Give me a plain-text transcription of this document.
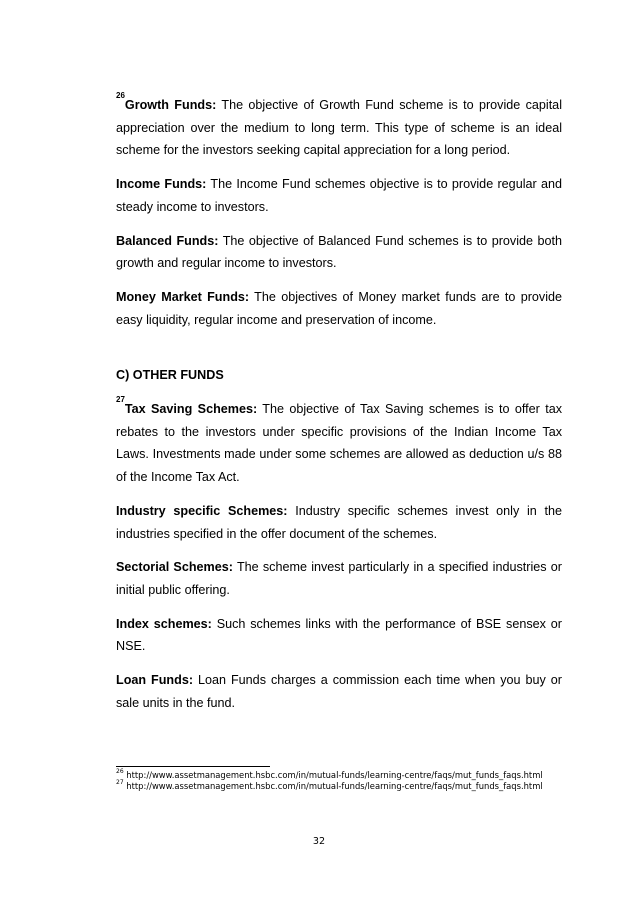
$^{26}$Growth Funds: The objective of Growth Fund scheme is to provide capital appreciation over the medium to long term. This type of scheme is an ideal scheme for the investors seeking capital appreciation for a long period.

Income Funds: The Income Fund schemes objective is to provide regular and steady income to investors.

Balanced Funds: The objective of Balanced Fund schemes is to provide both growth and regular income to investors.

Money Market Funds: The objectives of Money market funds are to provide easy liquidity, regular income and preservation of income.

C) OTHER FUNDS

$^{27}$Tax Saving Schemes: The objective of Tax Saving schemes is to offer tax rebates to the investors under specific provisions of the Indian Income Tax Laws. Investments made under some schemes are allowed as deduction u/s 88 of the Income Tax Act.

Industry specific Schemes: Industry specific schemes invest only in the industries specified in the offer document of the schemes.

Sectorial Schemes: The scheme invest particularly in a specified industries or initial public offering.

Index schemes: Such schemes links with the performance of BSE sensex or NSE.

Loan Funds: Loan Funds charges a commission each time when you buy or sale units in the fund.

$^{26}$ http://www.assetmanagement.hsbc.com/in/mutual-funds/learning-centre/faqs/mut_funds_faqs.html

$^{27}$ http://www.assetmanagement.hsbc.com/in/mutual-funds/learning-centre/faqs/mut_funds_faqs.html

32
